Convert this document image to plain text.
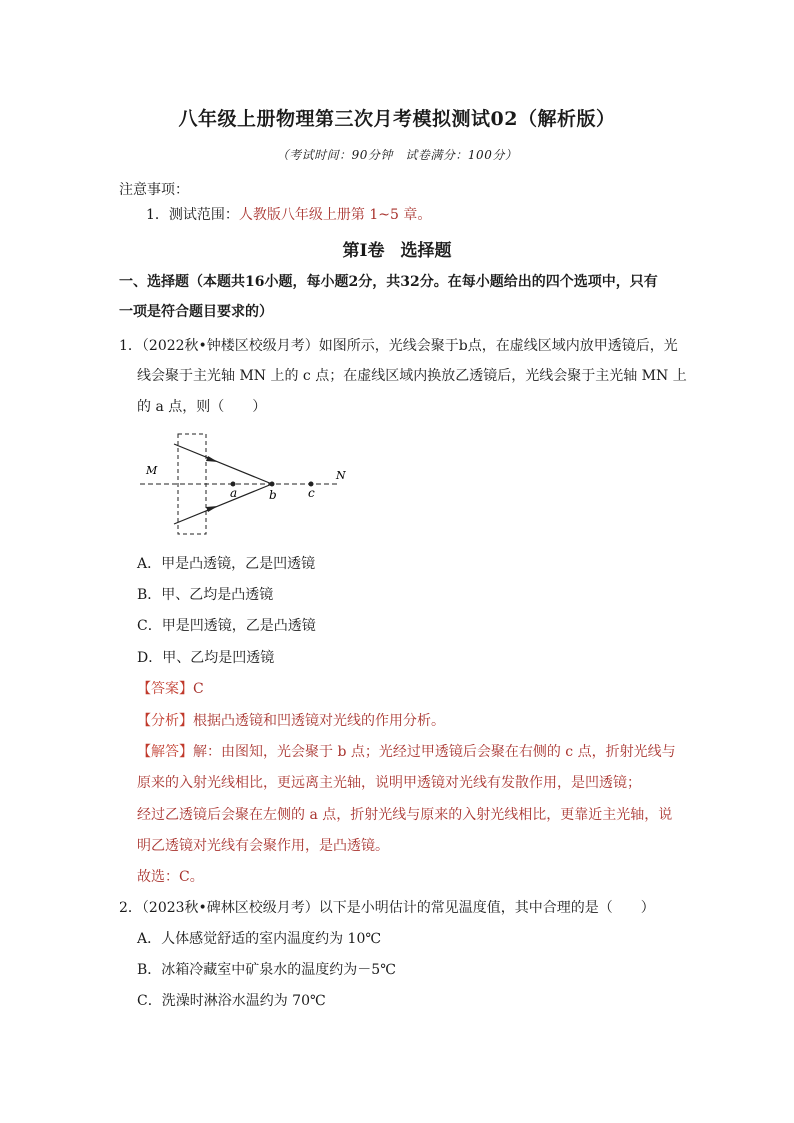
八年级上册物理第三次月考模拟测试02（解析版）
（考试时间：90分钟　试卷满分：100分）
注意事项：
1．测试范围：人教版八年级上册第 1~5 章。
第Ⅰ卷 选择题
一、选择题（本题共16小题，每小题2分，共32分。在每小题给出的四个选项中，只有
一项是符合题目要求的）
1．（2022秋•钟楼区校级月考）如图所示，光线会聚于b点，在虚线区域内放甲透镜后，光
线会聚于主光轴 MN 上的 c 点；在虚线区域内换放乙透镜后，光线会聚于主光轴 MN 上
的 a 点，则（　　）
M	N
a	b	c
A．甲是凸透镜，乙是凹透镜
B．甲、乙均是凸透镜
C．甲是凹透镜，乙是凸透镜
D．甲、乙均是凹透镜
【答案】C
【分析】根据凸透镜和凹透镜对光线的作用分析。
【解答】解：由图知，光会聚于 b 点；光经过甲透镜后会聚在右侧的 c 点，折射光线与
原来的入射光线相比，更远离主光轴，说明甲透镜对光线有发散作用，是凹透镜；
经过乙透镜后会聚在左侧的 a 点，折射光线与原来的入射光线相比，更靠近主光轴，说
明乙透镜对光线有会聚作用，是凸透镜。
故选：C。
2．（2023秋•碑林区校级月考）以下是小明估计的常见温度值，其中合理的是（　　）
A．人体感觉舒适的室内温度约为 10℃
B．冰箱冷藏室中矿泉水的温度约为－5℃
C．洗澡时淋浴水温约为 70℃
